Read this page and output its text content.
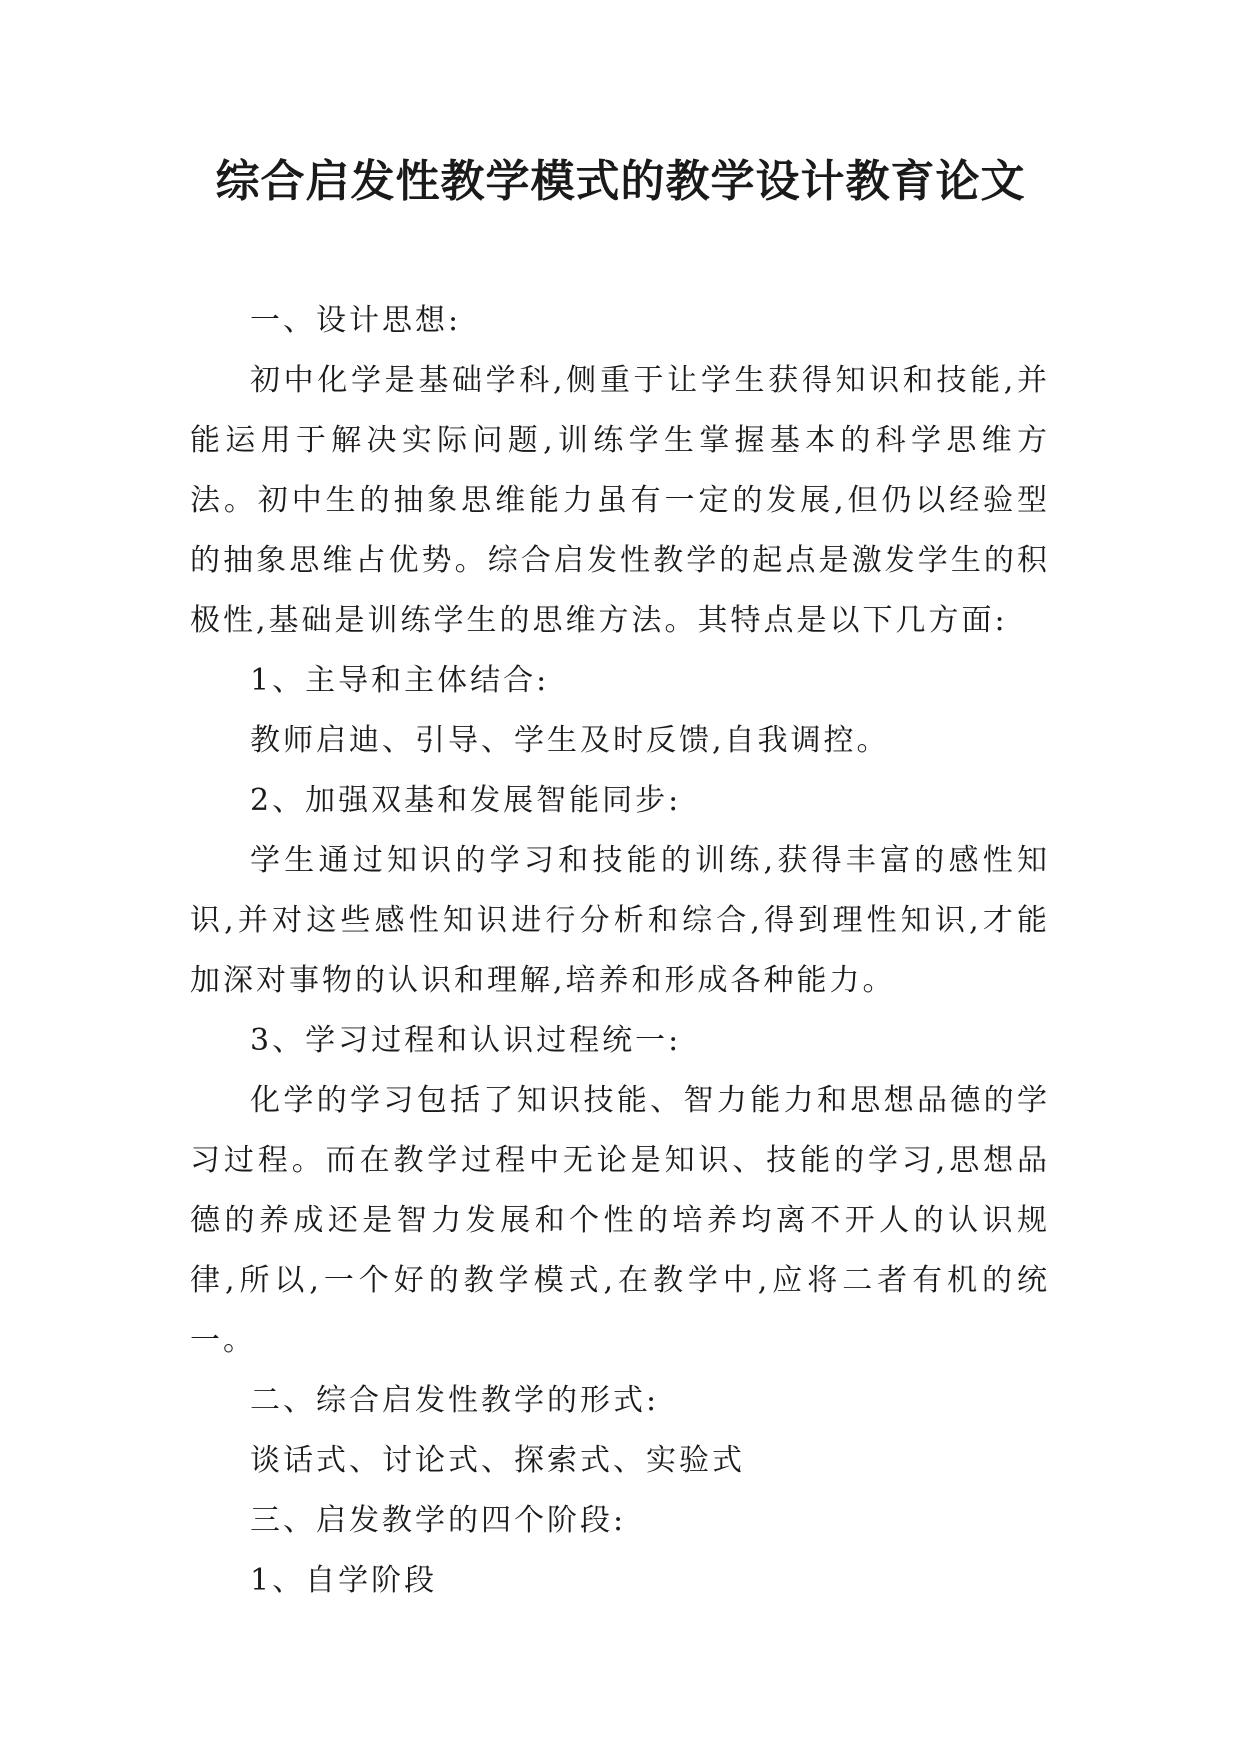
综合启发性教学模式的教学设计教育论文

一、设计思想:

初中化学是基础学科,侧重于让学生获得知识和技能,并能运用于解决实际问题,训练学生掌握基本的科学思维方法。初中生的抽象思维能力虽有一定的发展,但仍以经验型的抽象思维占优势。综合启发性教学的起点是激发学生的积极性,基础是训练学生的思维方法。其特点是以下几方面:

1、主导和主体结合:

教师启迪、引导、学生及时反馈,自我调控。

2、加强双基和发展智能同步:

学生通过知识的学习和技能的训练,获得丰富的感性知识,并对这些感性知识进行分析和综合,得到理性知识,才能加深对事物的认识和理解,培养和形成各种能力。

3、学习过程和认识过程统一:

化学的学习包括了知识技能、智力能力和思想品德的学习过程。而在教学过程中无论是知识、技能的学习,思想品德的养成还是智力发展和个性的培养均离不开人的认识规律,所以,一个好的教学模式,在教学中,应将二者有机的统一。

二、综合启发性教学的形式:

谈话式、讨论式、探索式、实验式

三、启发教学的四个阶段:

1、自学阶段
